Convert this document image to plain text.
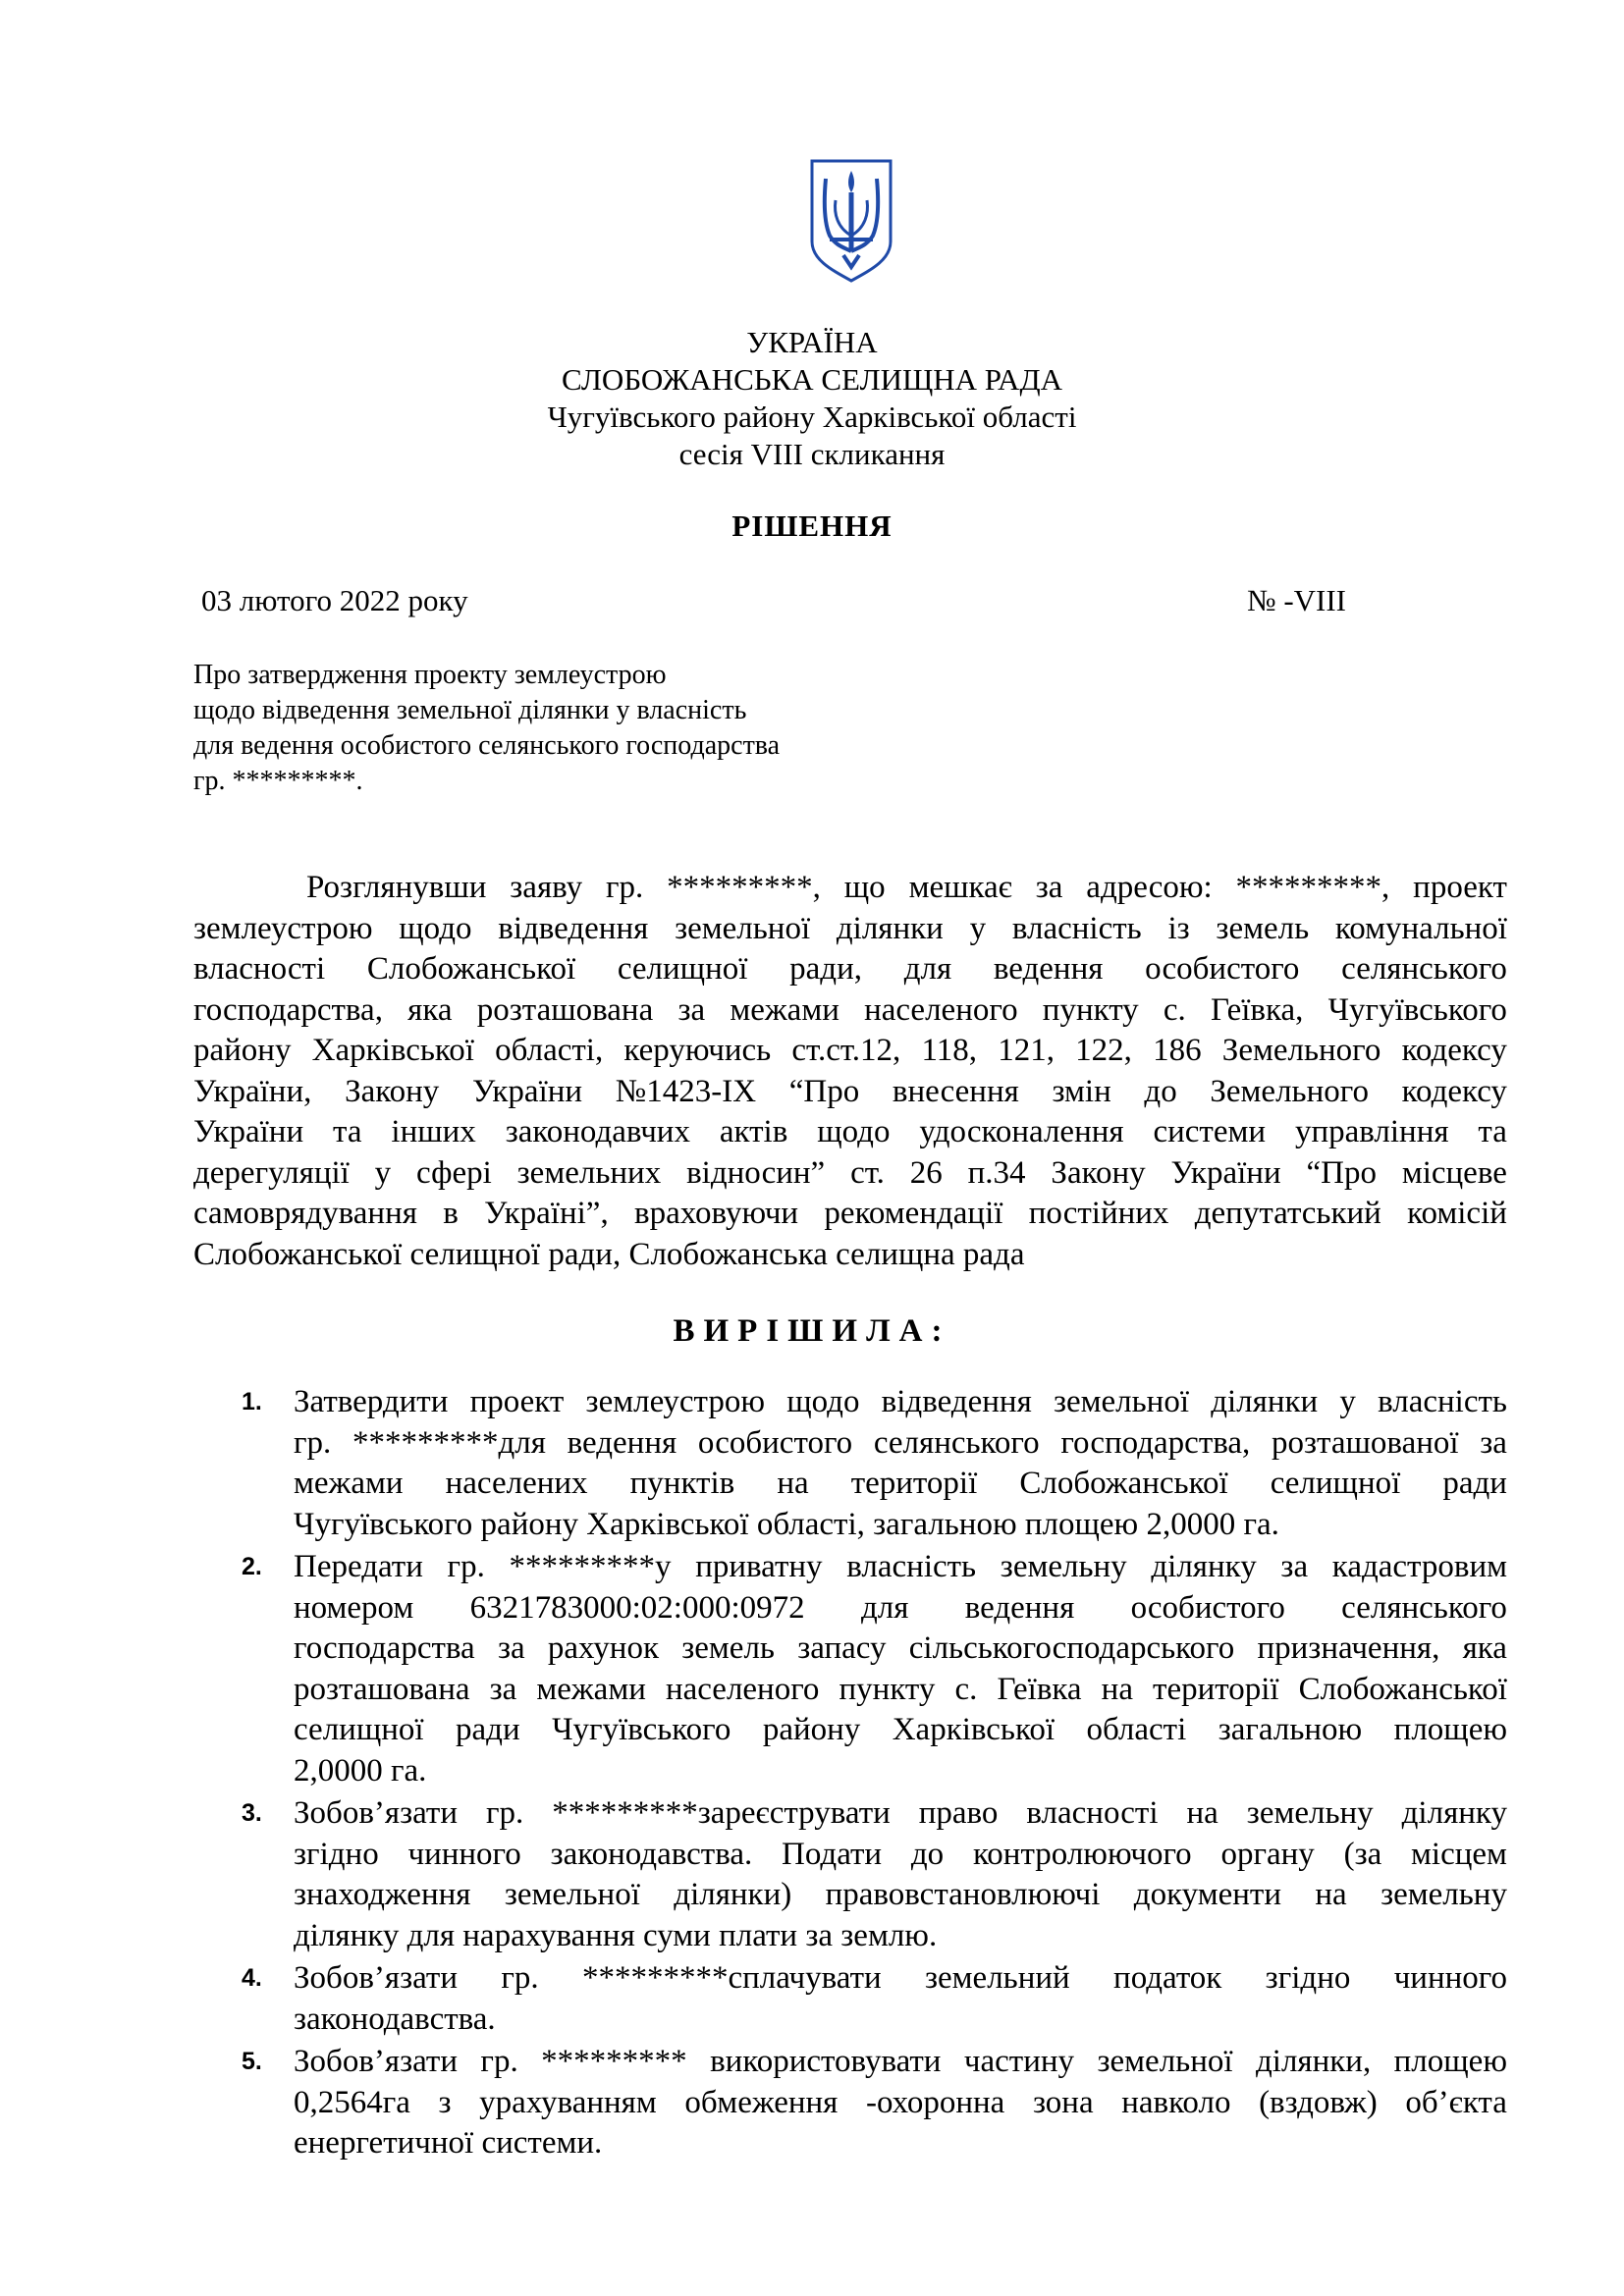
УКРАЇНА
СЛОБОЖАНСЬКА СЕЛИЩНА РАДА
Чугуївського району Харківської області
сесія VIII скликання
РІШЕННЯ
03 лютого 2022 року	№ -VIII
Про затвердження проекту землеустрою
щодо відведення земельної ділянки у власність
для ведення особистого селянського господарства
гр. *********.
Розглянувши заяву гр. *********, що мешкає за адресою: *********, проект
землеустрою щодо відведення земельної ділянки у власність із земель комунальної
власності Слобожанської селищної ради, для ведення особистого селянського
господарства, яка розташована за межами населеного пункту с. Геївка, Чугуївського
району Харківської області, керуючись ст.ст.12, 118, 121, 122, 186 Земельного кодексу
України, Закону України №1423-IX “Про внесення змін до Земельного кодексу
України та інших законодавчих актів щодо удосконалення системи управління та
дерегуляції у сфері земельних відносин” ст. 26 п.34 Закону України “Про місцеве
самоврядування в Україні”, враховуючи рекомендації постійних депутатський комісій
Слобожанської селищної ради, Слобожанська селищна рада
ВИРІШИЛА:
1. Затвердити проект землеустрою щодо відведення земельної ділянки у власність
гр. *********для ведення особистого селянського господарства, розташованої за
межами населених пунктів на території Слобожанської селищної ради
Чугуївського району Харківської області, загальною площею 2,0000 га.
2. Передати гр. *********у приватну власність земельну ділянку за кадастровим
номером 6321783000:02:000:0972 для ведення особистого селянського
господарства за рахунок земель запасу сільськогосподарського призначення, яка
розташована за межами населеного пункту с. Геївка на території Слобожанської
селищної ради Чугуївського району Харківської області загальною площею
2,0000 га.
3. Зобов’язати гр. *********зареєструвати право власності на земельну ділянку
згідно чинного законодавства. Подати до контролюючого органу (за місцем
знаходження земельної ділянки) правовстановлюючі документи на земельну
ділянку для нарахування суми плати за землю.
4. Зобов’язати гр. *********сплачувати земельний податок згідно чинного
законодавства.
5. Зобов’язати гр. ********* використовувати частину земельної ділянки, площею
0,2564га з урахуванням обмеження -охоронна зона навколо (вздовж) об’єкта
енергетичної системи.
